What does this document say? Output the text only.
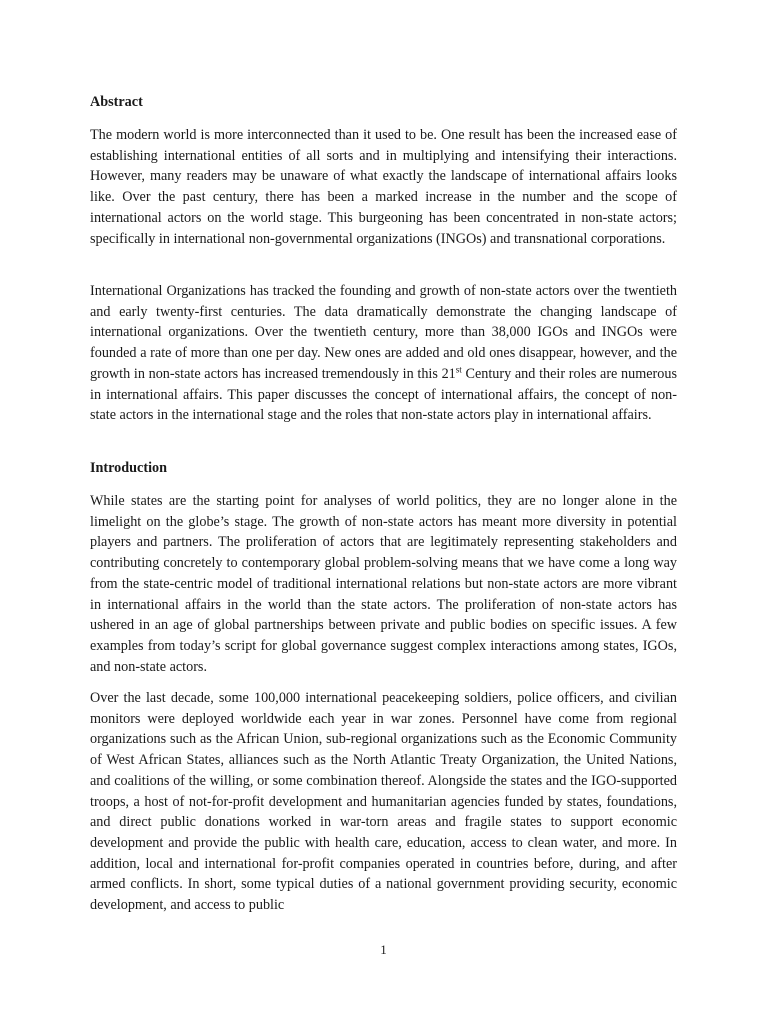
Abstract

The modern world is more interconnected than it used to be. One result has been the increased ease of establishing international entities of all sorts and in multiplying and intensifying their interactions. However, many readers may be unaware of what exactly the landscape of international affairs looks like. Over the past century, there has been a marked increase in the number and the scope of international actors on the world stage. This burgeoning has been concentrated in non-state actors; specifically in international non-governmental organizations (INGOs) and transnational corporations.

International Organizations has tracked the founding and growth of non-state actors over the twentieth and early twenty-first centuries. The data dramatically demonstrate the changing landscape of international organizations. Over the twentieth century, more than 38,000 IGOs and INGOs were founded a rate of more than one per day. New ones are added and old ones disappear, however, and the growth in non-state actors has increased tremendously in this 21st Century and their roles are numerous in international affairs. This paper discusses the concept of international affairs, the concept of non-state actors in the international stage and the roles that non-state actors play in international affairs.

Introduction

While states are the starting point for analyses of world politics, they are no longer alone in the limelight on the globe’s stage. The growth of non-state actors has meant more diversity in potential players and partners. The proliferation of actors that are legitimately representing stakeholders and contributing concretely to contemporary global problem-solving means that we have come a long way from the state-centric model of traditional international relations but non-state actors are more vibrant in international affairs in the world than the state actors. The proliferation of non-state actors has ushered in an age of global partnerships between private and public bodies on specific issues. A few examples from today’s script for global governance suggest complex interactions among states, IGOs, and non-state actors.

Over the last decade, some 100,000 international peacekeeping soldiers, police officers, and civilian monitors were deployed worldwide each year in war zones. Personnel have come from regional organizations such as the African Union, sub-regional organizations such as the Economic Community of West African States, alliances such as the North Atlantic Treaty Organization, the United Nations, and coalitions of the willing, or some combination thereof. Alongside the states and the IGO-supported troops, a host of not-for-profit development and humanitarian agencies funded by states, foundations, and direct public donations worked in war-torn areas and fragile states to support economic development and provide the public with health care, education, access to clean water, and more. In addition, local and international for-profit companies operated in countries before, during, and after armed conflicts. In short, some typical duties of a national government providing security, economic development, and access to public

1
